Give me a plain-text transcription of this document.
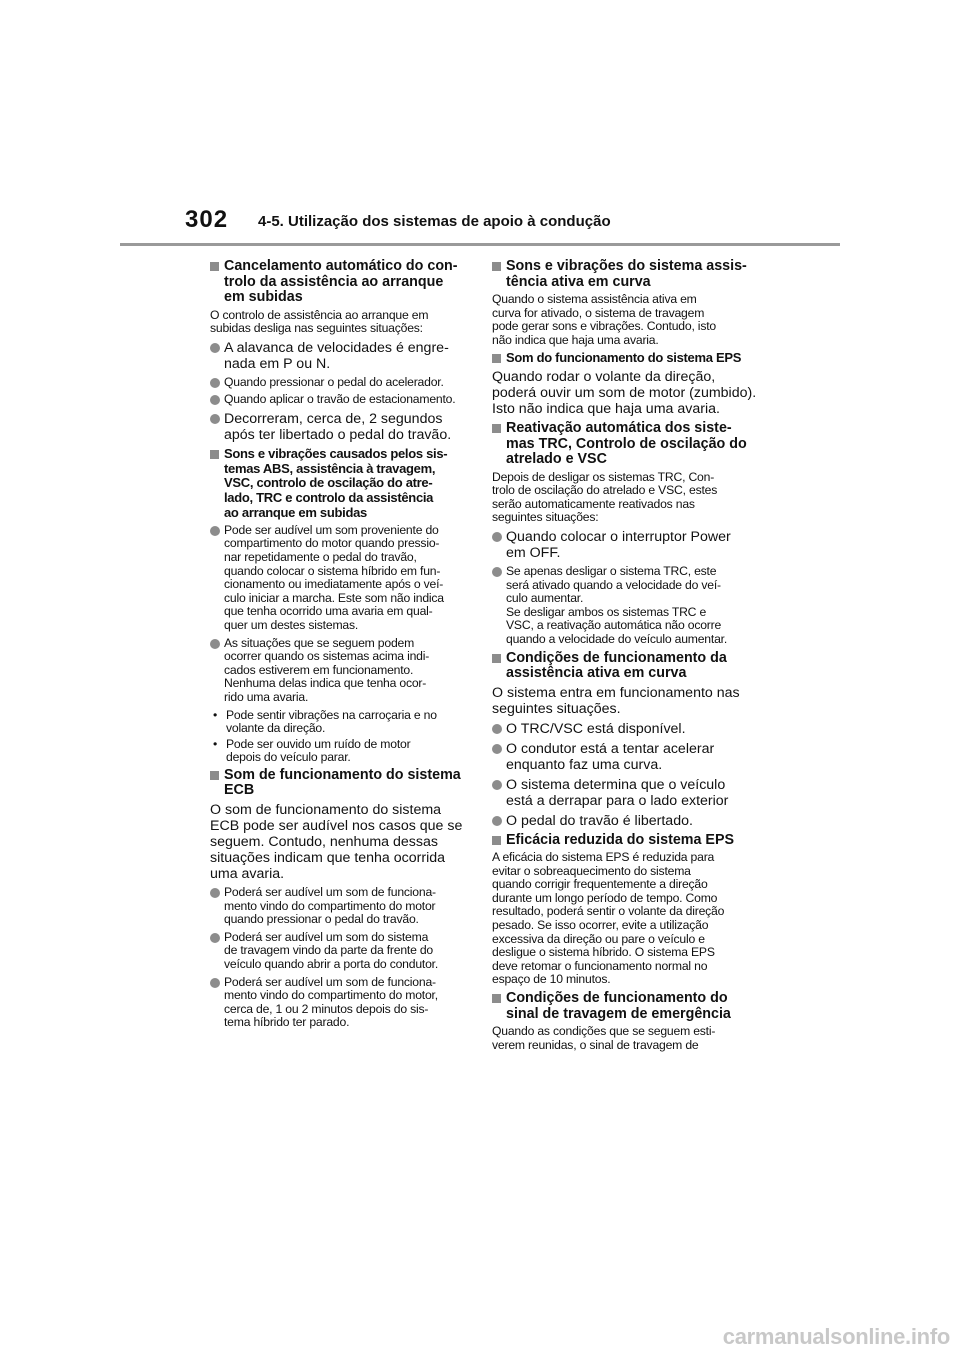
302 4-5. Utilização dos sistemas de apoio à condução
Cancelamento automático do con-
trolo da assistência ao arranque
em subidas
O controlo de assistência ao arranque em
subidas desliga nas seguintes situações:
A alavanca de velocidades é engre-
nada em P ou N.
Quando pressionar o pedal do acelerador.
Quando aplicar o travão de estacionamento.
Decorreram, cerca de, 2 segundos
após ter libertado o pedal do travão.
Sons e vibrações causados pelos sis-
temas ABS, assistência à travagem,
VSC, controlo de oscilação do atre-
lado, TRC e controlo da assistência
ao arranque em subidas
Pode ser audível um som proveniente do
compartimento do motor quando pressio-
nar repetidamente o pedal do travão,
quando colocar o sistema híbrido em fun-
cionamento ou imediatamente após o veí-
culo iniciar a marcha. Este som não indica
que tenha ocorrido uma avaria em qual-
quer um destes sistemas.
As situações que se seguem podem
ocorrer quando os sistemas acima indi-
cados estiverem em funcionamento.
Nenhuma delas indica que tenha ocor-
rido uma avaria.
• Pode sentir vibrações na carroçaria e no
volante da direção.
• Pode ser ouvido um ruído de motor
depois do veículo parar.
Som de funcionamento do sistema
ECB
O som de funcionamento do sistema
ECB pode ser audível nos casos que se
seguem. Contudo, nenhuma dessas
situações indicam que tenha ocorrida
uma avaria.
Poderá ser audível um som de funciona-
mento vindo do compartimento do motor
quando pressionar o pedal do travão.
Poderá ser audível um som do sistema
de travagem vindo da parte da frente do
veículo quando abrir a porta do condutor.
Poderá ser audível um som de funciona-
mento vindo do compartimento do motor,
cerca de, 1 ou 2 minutos depois do sis-
tema híbrido ter parado.
Sons e vibrações do sistema assis-
tência ativa em curva
Quando o sistema assistência ativa em
curva for ativado, o sistema de travagem
pode gerar sons e vibrações. Contudo, isto
não indica que haja uma avaria.
Som do funcionamento do sistema EPS
Quando rodar o volante da direção,
poderá ouvir um som de motor (zumbido).
Isto não indica que haja uma avaria.
Reativação automática dos siste-
mas TRC, Controlo de oscilação do
atrelado e VSC
Depois de desligar os sistemas TRC, Con-
trolo de oscilação do atrelado e VSC, estes
serão automaticamente reativados nas
seguintes situações:
Quando colocar o interruptor Power
em OFF.
Se apenas desligar o sistema TRC, este
será ativado quando a velocidade do veí-
culo aumentar.
Se desligar ambos os sistemas TRC e
VSC, a reativação automática não ocorre
quando a velocidade do veículo aumentar.
Condições de funcionamento da
assistência ativa em curva
O sistema entra em funcionamento nas
seguintes situações.
O TRC/VSC está disponível.
O condutor está a tentar acelerar
enquanto faz uma curva.
O sistema determina que o veículo
está a derrapar para o lado exterior
O pedal do travão é libertado.
Eficácia reduzida do sistema EPS
A eficácia do sistema EPS é reduzida para
evitar o sobreaquecimento do sistema
quando corrigir frequentemente a direção
durante um longo período de tempo. Como
resultado, poderá sentir o volante da direção
pesado. Se isso ocorrer, evite a utilização
excessiva da direção ou pare o veículo e
desligue o sistema híbrido. O sistema EPS
deve retomar o funcionamento normal no
espaço de 10 minutos.
Condições de funcionamento do
sinal de travagem de emergência
Quando as condições que se seguem esti-
verem reunidas, o sinal de travagem de
carmanualsonline.info
